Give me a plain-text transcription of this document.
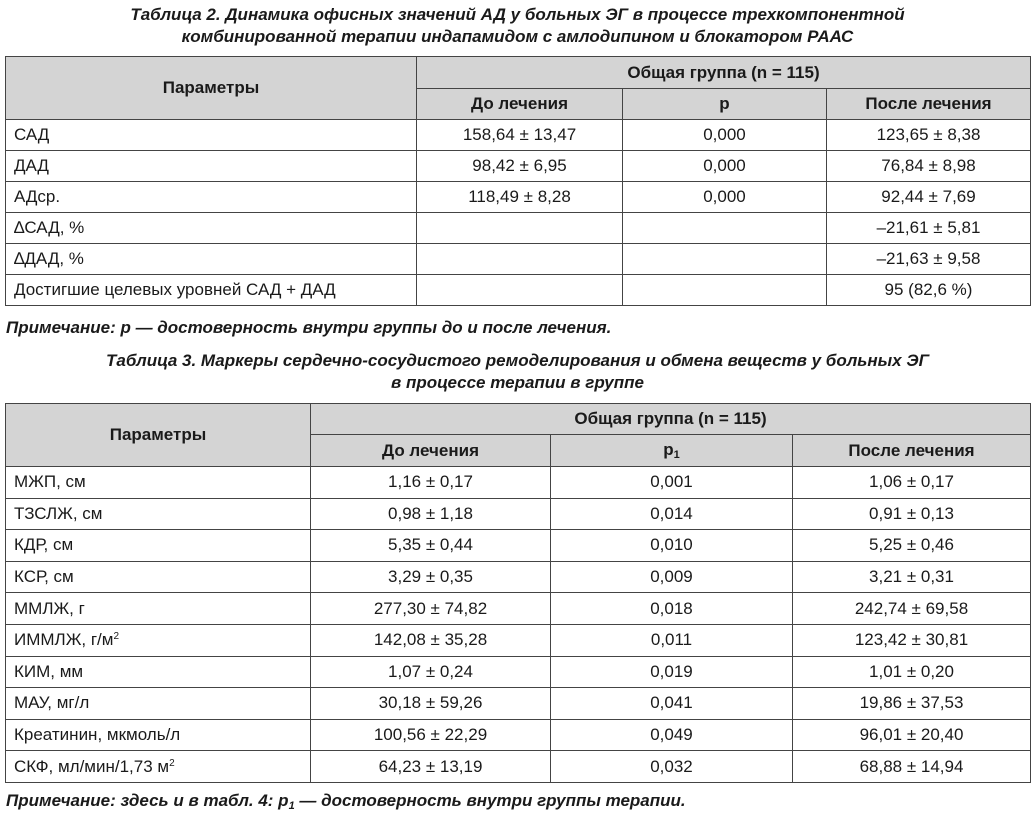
Таблица 2. Динамика офисных значений АД у больных ЭГ в процессе трехкомпонентной
комбинированной терапии индапамидом с амлодипином и блокатором РААС
Параметры	Общая группа (n = 115)		
	До лечения	p	После лечения
САД	158,64 ± 13,47	0,000	123,65 ± 8,38
ДАД	98,42 ± 6,95	0,000	76,84 ± 8,98
АДср.	118,49 ± 8,28	0,000	92,44 ± 7,69
∆САД, %			–21,61 ± 5,81
∆ДАД, %			–21,63 ± 9,58
Достигшие целевых уровней САД + ДАД			95 (82,6 %)
Примечание: p — достоверность внутри группы до и после лечения.
Таблица 3. Маркеры сердечно-сосудистого ремоделирования и обмена веществ у больных ЭГ
в процессе терапии в группе
Параметры	Общая группа (n = 115)		
	До лечения	$p_1$	После лечения
МЖП, см	1,16 ± 0,17	0,001	1,06 ± 0,17
ТЗСЛЖ, см	0,98 ± 1,18	0,014	0,91 ± 0,13
КДР, см	5,35 ± 0,44	0,010	5,25 ± 0,46
КСР, см	3,29 ± 0,35	0,009	3,21 ± 0,31
ММЛЖ, г	277,30 ± 74,82	0,018	242,74 ± 69,58
ИММЛЖ, $г/м^2$	142,08 ± 35,28	0,011	123,42 ± 30,81
КИМ, мм	1,07 ± 0,24	0,019	1,01 ± 0,20
МАУ, мг/л	30,18 ± 59,26	0,041	19,86 ± 37,53
Креатинин, мкмоль/л	100,56 ± 22,29	0,049	96,01 ± 20,40
СКФ, мл/мин/1,73 $м^2$	64,23 ± 13,19	0,032	68,88 ± 14,94
Примечание: здесь и в табл. 4: $p_1$ — достоверность внутри группы терапии.
